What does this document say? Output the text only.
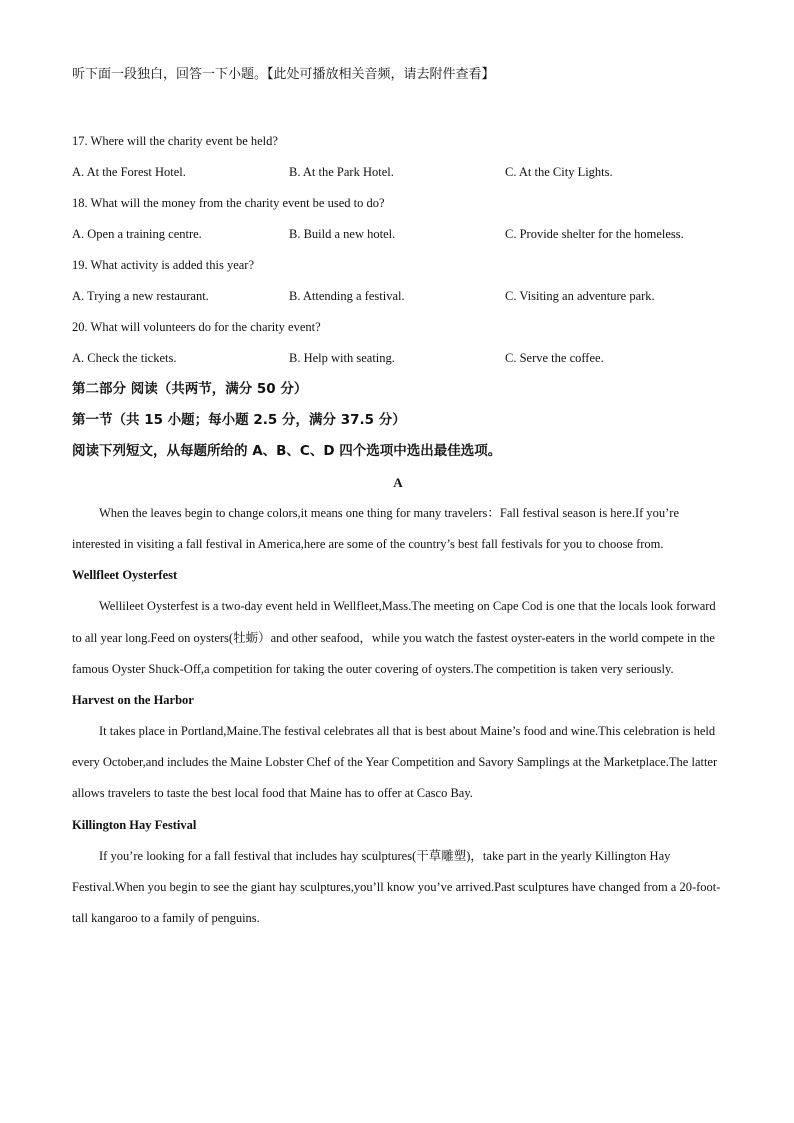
听下面一段独白，回答一下小题。【此处可播放相关音频，请去附件查看】
17. Where will the charity event be held?
A. At the Forest Hotel.	B. At the Park Hotel.	C. At the City Lights.
18. What will the money from the charity event be used to do?
A. Open a training centre.	B. Build a new hotel.	C. Provide shelter for the homeless.
19. What activity is added this year?
A. Trying a new restaurant.	B. Attending a festival.	C. Visiting an adventure park.
20. What will volunteers do for the charity event?
A. Check the tickets.	B. Help with seating.	C. Serve the coffee.
第二部分 阅读（共两节，满分 50 分）
第一节（共 15 小题；每小题 2.5 分，满分 37.5 分）
阅读下列短文，从每题所给的 A、B、C、D 四个选项中选出最佳选项。
A

When the leaves begin to change colors,it means one thing for many travelers：Fall festival season is here.If you’re interested in visiting a fall festival in America,here are some of the country’s best fall festivals for you to choose from.

Wellfleet Oysterfest

Wellileet Oysterfest is a two-day event held in Wellfleet,Mass.The meeting on Cape Cod is one that the locals look forward to all year long.Feed on oysters(牡蛎）and other seafood，while you watch the fastest oyster-eaters in the world compete in the famous Oyster Shuck-Off,a competition for taking the outer covering of oysters.The competition is taken very seriously.

Harvest on the Harbor

It takes place in Portland,Maine.The festival celebrates all that is best about Maine’s food and wine.This celebration is held every October,and includes the Maine Lobster Chef of the Year Competition and Savory Samplings at the Marketplace.The latter allows travelers to taste the best local food that Maine has to offer at Casco Bay.

Killington Hay Festival

If you’re looking for a fall festival that includes hay sculptures(干草雕塑)，take part in the yearly Killington Hay Festival.When you begin to see the giant hay sculptures,you’ll know you’ve arrived.Past sculptures have changed from a 20-foot-tall kangaroo to a family of penguins.
